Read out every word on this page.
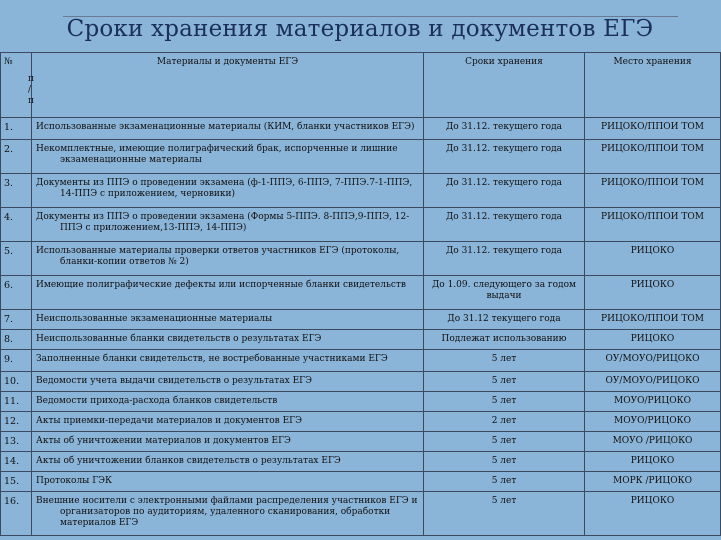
Сроки хранения материалов и документов ЕГЭ
№
п
/
п	Материалы и документы ЕГЭ	Сроки хранения	Место хранения
1.	Использованные экзаменационные материалы (КИМ, бланки участников ЕГЭ)	До 31.12. текущего года	РИЦОКО/ППОИ ТОМ
2.	Некомплектные, имеющие полиграфический брак, испорченные и лишние экзаменационные материалы	До 31.12. текущего года	РИЦОКО/ППОИ ТОМ
3.	Документы из ППЭ о проведении экзамена (ф-1-ППЭ, 6-ППЭ, 7-ППЭ.7-1-ППЭ, 14-ППЭ с приложением, черновики)	До 31.12. текущего года	РИЦОКО/ППОИ ТОМ
4.	Документы из ППЭ о проведении экзамена (Формы 5-ППЭ. 8-ППЭ,9-ППЭ, 12-ППЭ с приложением,13-ППЭ, 14-ППЭ)	До 31.12. текущего года	РИЦОКО/ППОИ ТОМ
5.	Использованные материалы проверки ответов участников ЕГЭ (протоколы, бланки-копии ответов № 2)	До 31.12. текущего года	РИЦОКО
6.	Имеющие полиграфические дефекты или испорченные бланки свидетельств	До 1.09. следующего за годом выдачи	РИЦОКО
7.	Неиспользованные экзаменационные материалы	До 31.12 текущего года	РИЦОКО/ППОИ ТОМ
8.	Неиспользованные бланки свидетельств о результатах ЕГЭ	Подлежат использованию	РИЦОКО
9.	Заполненные бланки свидетельств, не востребованные участниками ЕГЭ	5 лет	ОУ/МОУО/РИЦОКО
10.	Ведомости учета выдачи свидетельств о результатах ЕГЭ	5 лет	ОУ/МОУО/РИЦОКО
11.	Ведомости прихода-расхода бланков свидетельств	5 лет	МОУО/РИЦОКО
12.	Акты приемки-передачи материалов и документов ЕГЭ	2 лет	МОУО/РИЦОКО
13.	Акты об уничтожении материалов и документов ЕГЭ	5 лет	МОУО /РИЦОКО
14.	Акты об уничтожении бланков свидетельств о результатах ЕГЭ	5 лет	РИЦОКО
15.	Протоколы ГЭК	5 лет	МОРК /РИЦОКО
16.	Внешние носители с электронными файлами распределения участников ЕГЭ и организаторов по аудиториям, удаленного сканирования, обработки материалов ЕГЭ	5 лет	РИЦОКО
